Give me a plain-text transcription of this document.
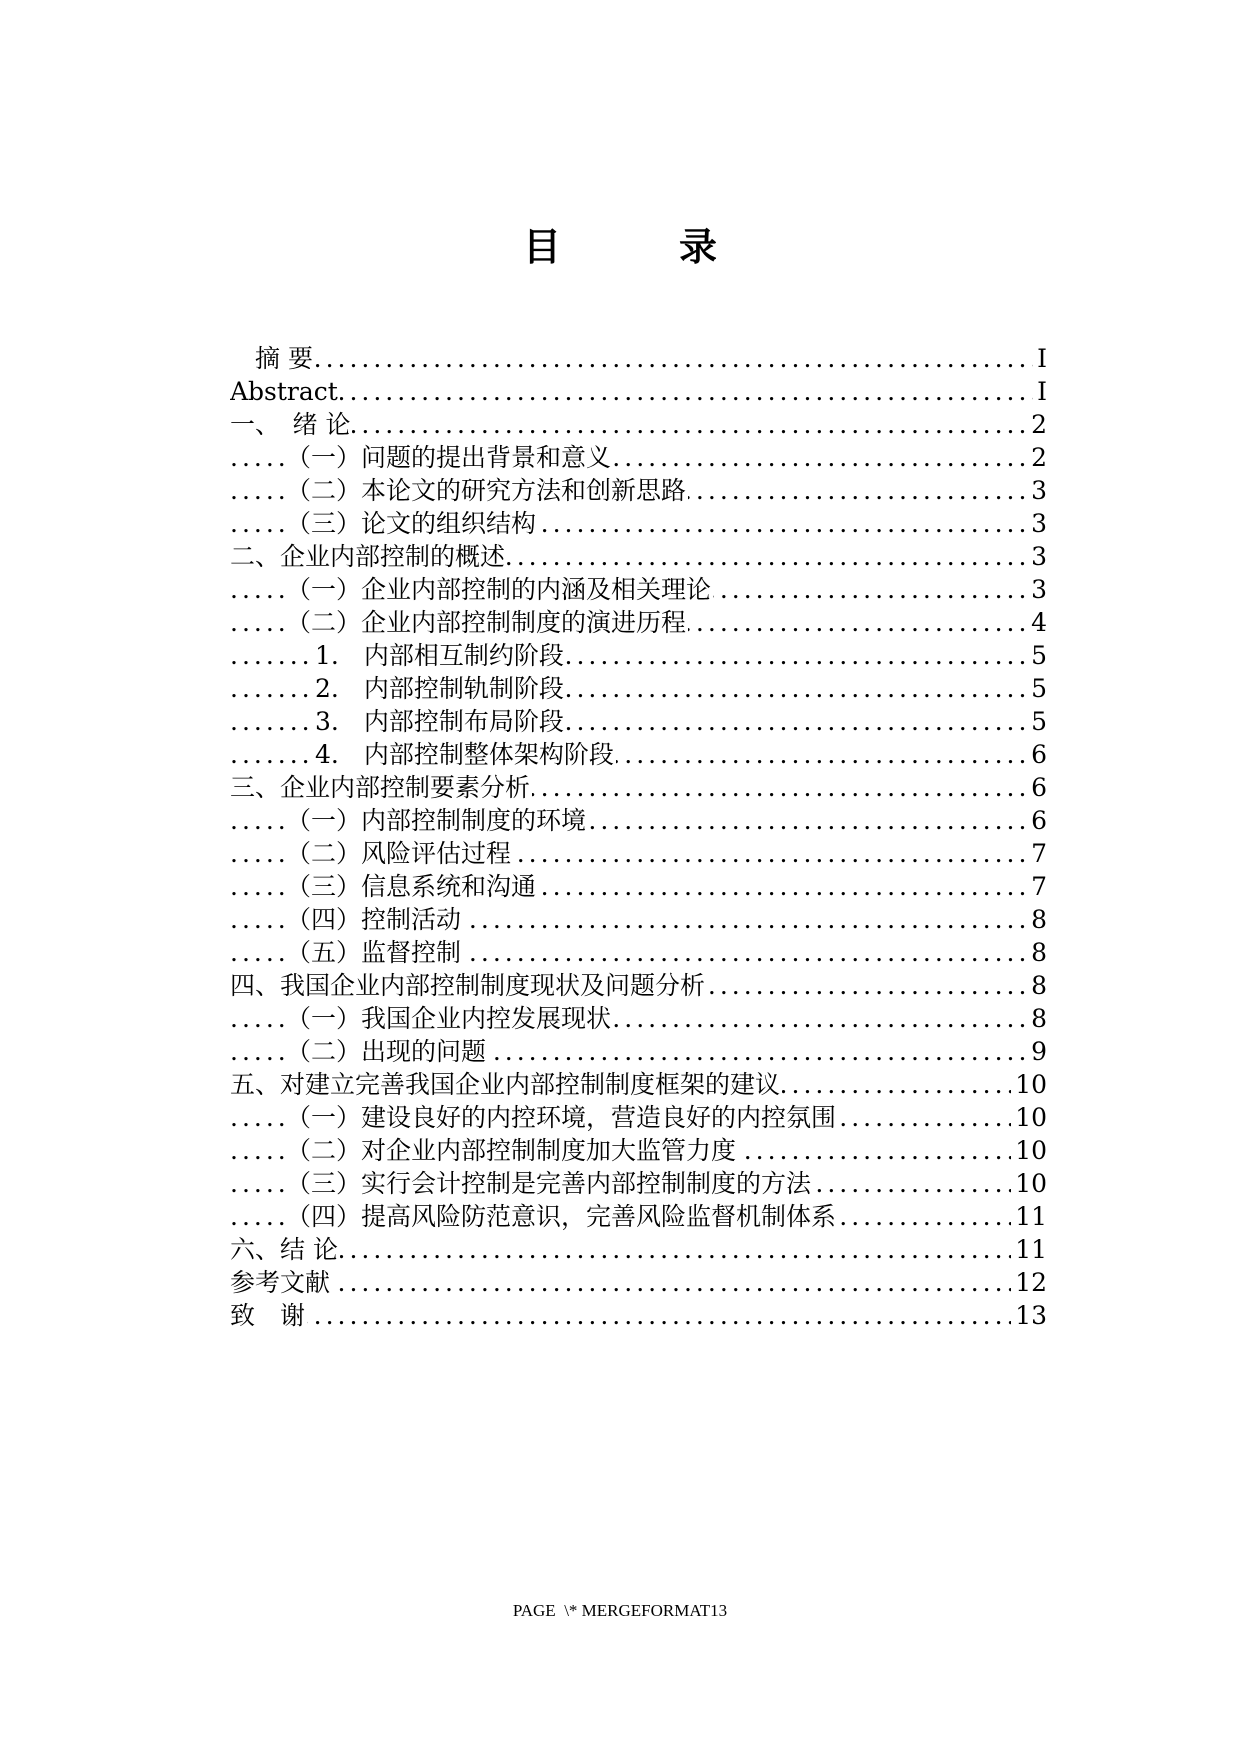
目　录
　摘 要	I
.....
Abstract	I
.....
一、　绪 论	2
.....
（一）问题的提出背景和意义	2
.....
（二）本论文的研究方法和创新思路	3
.....
（三）论文的组织结构	3
.....
二、企业内部控制的概述	3
.....
（一）企业内部控制的内涵及相关理论	3
.....
（二）企业内部控制制度的演进历程	4
.....
1.　内部相互制约阶段	5
.....
2.　内部控制轨制阶段	5
.....
3.　内部控制布局阶段	5
.....
4.　内部控制整体架构阶段	6
.....
三、企业内部控制要素分析	6
.....
（一）内部控制制度的环境	6
.....
（二）风险评估过程	7
.....
（三）信息系统和沟通	7
.....
（四）控制活动	8
.....
（五）监督控制	8
.....
四、我国企业内部控制制度现状及问题分析	8
.....
（一）我国企业内控发展现状	8
.....
（二）出现的问题	9
.....
五、对建立完善我国企业内部控制制度框架的建议	10
.....
（一）建设良好的内控环境，营造良好的内控氛围	10
.....
（二）对企业内部控制制度加大监管力度	10
.....
（三）实行会计控制是完善内部控制制度的方法	10
.....
（四）提高风险防范意识，完善风险监督机制体系	11
.....
六、结 论	11
.....
参考文献	12
.....
致　谢	13
.....
PAGE  \* MERGEFORMAT13
